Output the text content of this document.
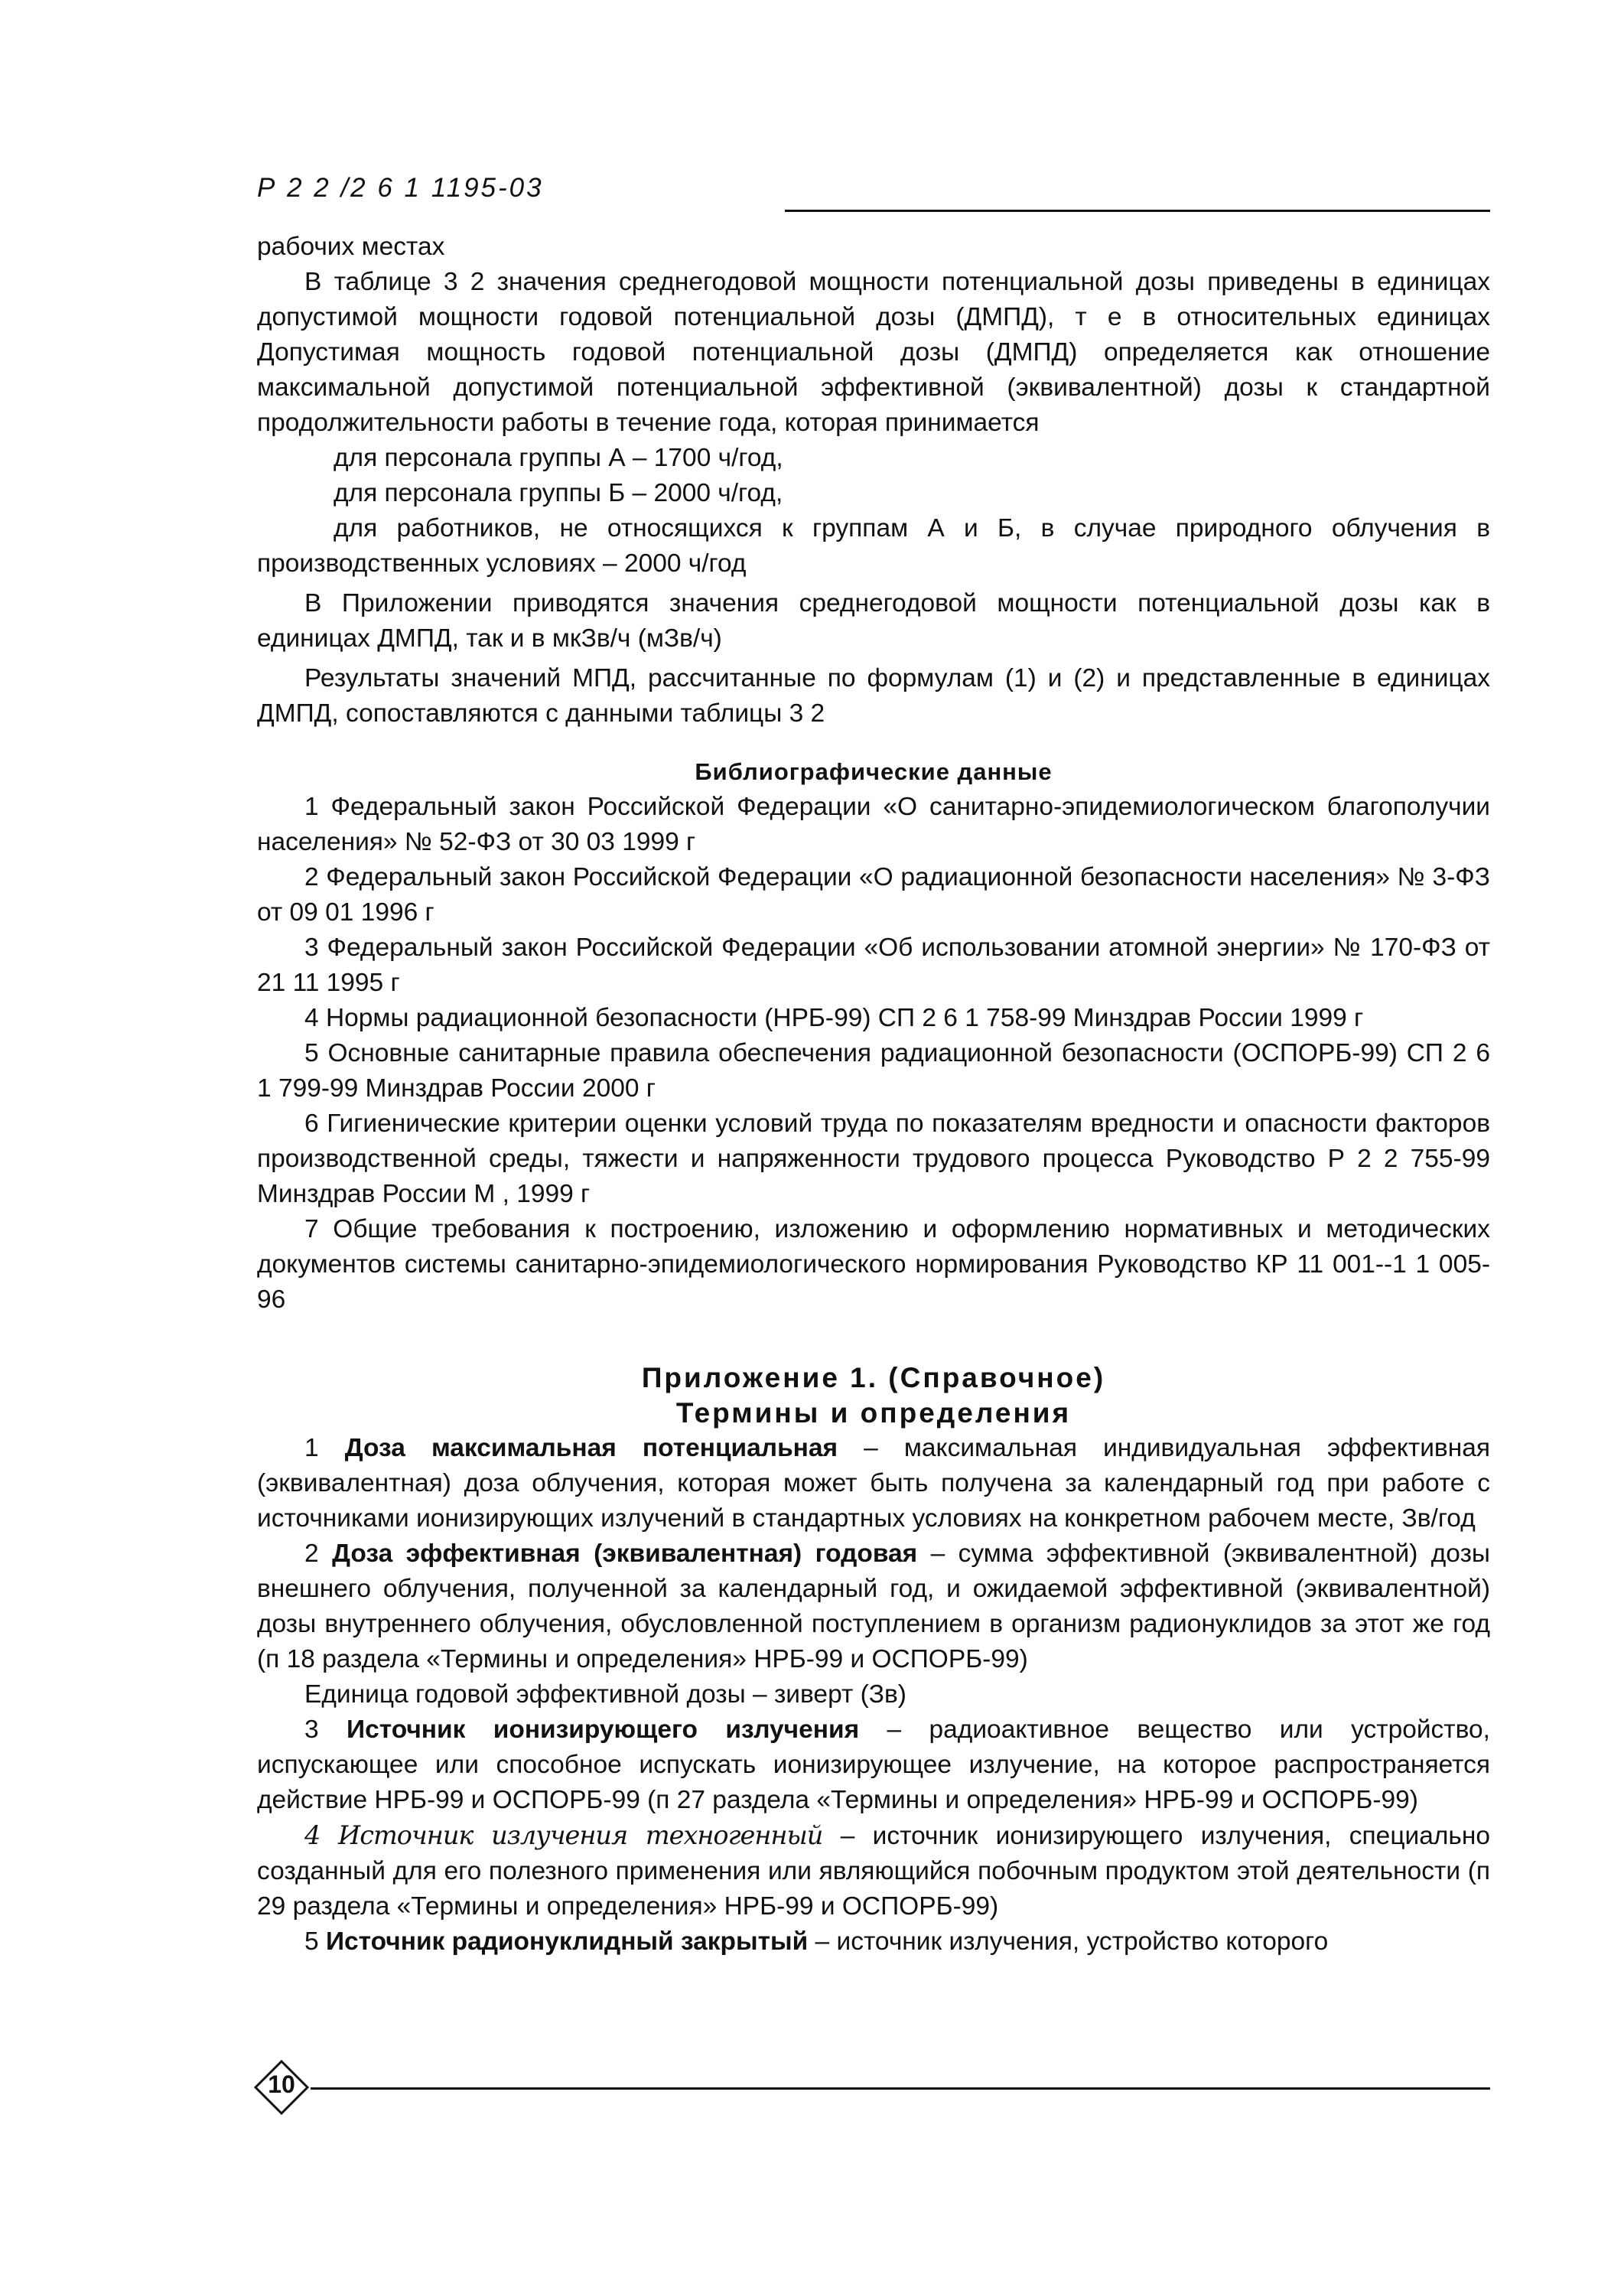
Р 2 2 /2 6 1 1195-03

рабочих местах

В таблице 3 2 значения среднегодовой мощности потенциальной дозы приведены в единицах допустимой мощности годовой потенциальной дозы (ДМПД), т е в относительных единицах Допустимая мощность годовой потенциальной дозы (ДМПД) определяется как отношение максимальной допустимой потенциальной эффективной (эквивалентной) дозы к стандартной продолжительности работы в течение года, которая принимается

для персонала группы А – 1700 ч/год,

для персонала группы Б – 2000 ч/год,

для работников, не относящихся к группам А и Б, в случае природного облучения в производственных условиях – 2000 ч/год

В Приложении приводятся значения среднегодовой мощности потенциальной дозы как в единицах ДМПД, так и в мкЗв/ч (мЗв/ч)

Результаты значений МПД, рассчитанные по формулам (1) и (2) и представленные в единицах ДМПД, сопоставляются с данными таблицы 3 2

Библиографические данные

1 Федеральный закон Российской Федерации «О санитарно-эпидемиологическом благополучии населения» № 52-ФЗ от 30 03 1999 г

2 Федеральный закон Российской Федерации «О радиационной безопасности населения» № 3-ФЗ от 09 01 1996 г

3 Федеральный закон Российской Федерации «Об использовании атомной энергии» № 170-ФЗ от 21 11 1995 г

4 Нормы радиационной безопасности (НРБ-99) СП 2 6 1 758-99 Минздрав России 1999 г

5 Основные санитарные правила обеспечения радиационной безопасности (ОСПОРБ-99) СП 2 6 1 799-99 Минздрав России 2000 г

6 Гигиенические критерии оценки условий труда по показателям вредности и опасности факторов производственной среды, тяжести и напряженности трудового процесса Руководство Р 2 2 755-99 Минздрав России М , 1999 г

7 Общие требования к построению, изложению и оформлению нормативных и методических документов системы санитарно-эпидемиологического нормирования Руководство КР 11 001--1 1 005-96

Приложение 1. (Справочное)

Термины и определения

1 Доза максимальная потенциальная – максимальная индивидуальная эффективная (эквивалентная) доза облучения, которая может быть получена за календарный год при работе с источниками ионизирующих излучений в стандартных условиях на конкретном рабочем месте, Зв/год

2 Доза эффективная (эквивалентная) годовая – сумма эффективной (эквивалентной) дозы внешнего облучения, полученной за календарный год, и ожидаемой эффективной (эквивалентной) дозы внутреннего облучения, обусловленной поступлением в организм радионуклидов за этот же год (п 18 раздела «Термины и определения» НРБ-99 и ОСПОРБ-99)

Единица годовой эффективной дозы – зиверт (Зв)

3 Источник ионизирующего излучения – радиоактивное вещество или устройство, испускающее или способное испускать ионизирующее излучение, на которое распространяется действие НРБ-99 и ОСПОРБ-99 (п 27 раздела «Термины и определения» НРБ-99 и ОСПОРБ-99)

4 Источник излучения техногенный – источник ионизирующего излучения, специально созданный для его полезного применения или являющийся побочным продуктом этой деятельности (п 29 раздела «Термины и определения» НРБ-99 и ОСПОРБ-99)

5 Источник радионуклидный закрытый – источник излучения, устройство которого

10
